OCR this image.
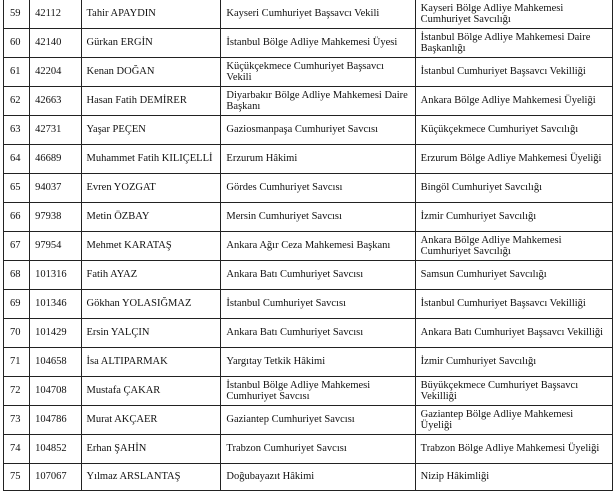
59	42112	Tahir APAYDIN	Kayseri Cumhuriyet Başsavcı Vekili	Kayseri Bölge Adliye Mahkemesi Cumhuriyet Savcılığı
60	42140	Gürkan ERGİN	İstanbul Bölge Adliye Mahkemesi Üyesi	İstanbul Bölge Adliye Mahkemesi Daire Başkanlığı
61	42204	Kenan DOĞAN	Küçükçekmece Cumhuriyet Başsavcı Vekili	İstanbul Cumhuriyet Başsavcı Vekilliği
62	42663	Hasan Fatih DEMİRER	Diyarbakır Bölge Adliye Mahkemesi Daire Başkanı	Ankara Bölge Adliye Mahkemesi Üyeliği
63	42731	Yaşar PEÇEN	Gaziosmanpaşa Cumhuriyet Savcısı	Küçükçekmece Cumhuriyet Savcılığı
64	46689	Muhammet Fatih KILIÇELLİ	Erzurum Hâkimi	Erzurum Bölge Adliye Mahkemesi Üyeliği
65	94037	Evren YOZGAT	Gördes Cumhuriyet Savcısı	Bingöl Cumhuriyet Savcılığı
66	97938	Metin ÖZBAY	Mersin Cumhuriyet Savcısı	İzmir Cumhuriyet Savcılığı
67	97954	Mehmet KARATAŞ	Ankara Ağır Ceza Mahkemesi Başkanı	Ankara Bölge Adliye Mahkemesi Cumhuriyet Savcılığı
68	101316	Fatih AYAZ	Ankara Batı Cumhuriyet Savcısı	Samsun Cumhuriyet Savcılığı
69	101346	Gökhan YOLASIĞMAZ	İstanbul Cumhuriyet Savcısı	İstanbul Cumhuriyet Başsavcı Vekilliği
70	101429	Ersin YALÇIN	Ankara Batı Cumhuriyet Savcısı	Ankara Batı Cumhuriyet Başsavcı Vekilliği
71	104658	İsa ALTIPARMAK	Yargıtay Tetkik Hâkimi	İzmir Cumhuriyet Savcılığı
72	104708	Mustafa ÇAKAR	İstanbul Bölge Adliye Mahkemesi Cumhuriyet Savcısı	Büyükçekmece Cumhuriyet Başsavcı Vekilliği
73	104786	Murat AKÇAER	Gaziantep Cumhuriyet Savcısı	Gaziantep Bölge Adliye Mahkemesi Üyeliği
74	104852	Erhan ŞAHİN	Trabzon Cumhuriyet Savcısı	Trabzon Bölge Adliye Mahkemesi Üyeliği
75	107067	Yılmaz ARSLANTAŞ	Doğubayazıt Hâkimi	Nizip Hâkimliği
